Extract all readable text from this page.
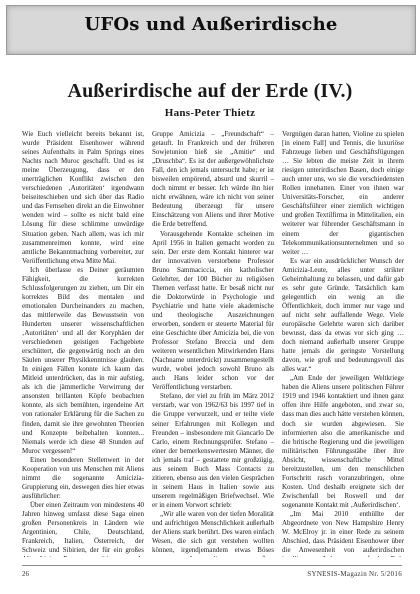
UFOs und Außerirdische
Außerirdische auf der Erde (IV.)
Hans-Peter Thietz

Wie Euch vielleicht bereits bekannt ist, wurde Präsident Eisenhower während seines Aufenthalts in Palm Springs eines Nachts nach Muroc geschafft. Und es ist meine Überzeugung, dass er den unerträglichen Konflikt zwischen den verschiedenen ‚Autoritäten‘ irgendwann beiseiteschieben und sich über das Radio und das Fernsehen direkt an die Einwohner wenden wird – sollte es nicht bald eine Lösung für diese schlimme unwürdige Situation geben. Nach allem, was ich mir zusammenreimen konnte, wird eine amtliche Bekanntmachung vorbereitet, zur Veröffentlichung etwa Mitte Mai.

Ich überlasse es Deiner geräumten Fähigkeit, die korrekten Schlussfolgerungen zu ziehen, um Dir ein korrektes Bild des mentalen und emotionalen Durcheinanders zu machen, das mittlerweile das Bewusstsein von Hunderten unserer wissenschaftlichen ‚Autoritäten‘ und all der Koryphäen der verschiedenen geistigen Fachgebiete erschüttert, die gegenwärtig noch an den Säulen unserer Physikkenntnisse glauben. In einigen Fällen konnte ich kaum das Mitleid unterdrücken, das in mir aufstieg, als ich die jämmerliche Verwirrung der ansonsten brillanten Köpfe beobachten konnte, als sich bemühten, irgendeine Art von rationaler Erklärung für die Sachen zu finden, damit sie ihre gewohnten Theorien und Konzepte beibehalten konnten... Niemals werde ich diese 48 Stunden auf Muroc vergessen!“

Einen besonderen Stellenwert in der Kooperation von uns Menschen mit Aliens nimmt die sogenannte Amicizia-Gruppierung ein, deswegen dies hier etwas ausführlicher:

Über einen Zeitraum von mindestens 40 Jahren hinweg umfasst diese Saga einen großen Personenkreis in Ländern wie Argentinien, Chile, Deutschland, Frankreich, Italien, Österreich, der Schweiz und Sibirien, der für ein großes

Gruppe Amicizia – „Freundschaft“ – getauft. In Frankreich und der früheren Sowjetunion hieß sie „Amitie“ und „Druschba“. Es ist der außergewöhnlichste Fall, den ich jemals untersucht habe; er ist bisweilen empörend, absurd und skurril – doch nimmt er besser. Ich würde ihn hier nicht erwähnen, wäre ich nicht von seiner Bedeutung überzeugt für unsere Einschätzung von Aliens und ihrer Motive die Erde betreffend.

Vorausgehende Kontakte scheinen im April 1956 in Italien gemacht worden zu sein. Der erste dem Kontakt hinterer war der innovativen verstorbene Professor Bruno Sammaciccia, ein katholischer Gelehrter, der 100 Bücher zu religiösen Themen verfasst hatte. Er besaß nicht nur die Doktorwürde in Psychologie und Psychiatrie und hatte viele akademische und theologische Auszeichnungen erworben, sondern er steuerte Material für eine Geschichte über Amicizia bei, die von Professor Stefano Breccia und dem weiteren wesentlichen Mitwirkenden Hans (Nachname unterdrückt) zusammengestellt wurde, wobei jedoch sowohl Bruno als auch Hans leider schon vor der Veröffentlichung verstarben.

Stefano, der viel zu früh im März 2012 verstarb, war von 1962/63 bis 1997 tief in die Gruppe verwurzelt, und er teilte viele seiner Erfahrungen mit Kollegen und Freunden – insbesondere mit Giancarlo De Carlo, einem Rechnungsprüfer. Stefano – einer der bemerkenswertesten Männer, die ich jemals traf – gestattete mir großzügig, aus seinem Buch Mass Contacts zu zitieren, ebenso aus den vielen Gesprächen in seinem Haus in Italien sowie aus unserem regelmäßigen Briefwechsel. Wie er in einem Vorwort schrieb:

„Wir alle waren von der tiefen Moralität und aufrichtigen Menschlichkeit außerhalb der Aliens stark berührt. Des waren einfach Wesen, die sich gut verstehen wollten können, irgendjemandem etwas Böses

Vergnügen daran hatten, Violine zu spielen [in einem Fall] und Tennis, die luxuriöse Fahrzeuge lieben und Geschäftsfügungen … Sie lebten die meiste Zeit in ihrem riesigen unterirdischen Basen, doch einige auch unter uns, wo sie die verschiedensten Rollen innehatten. Einer von ihnen war Universitäts-Forscher, ein anderer Geschäftsführer einer ziemlich wichtigen und großen Textilfirma in Mittelitalien, ein weiterer war führender Geschäftsmann in einem der gigantischen Telekommunikationsunternehmen und so weiter …

Es war ein ausdrücklicher Wunsch der Amicizia-Leute, alles unter strikter Geheimhaltung zu belassen, und dafür gab es sehr gute Gründe. Tatsächlich kam gelegentlich ein wenig an die Öffentlichkeit, doch immer nur vage und auf nicht sehr auffallende Wege. Viele europäische Gelehrte waren sich darüber bewusst, dass da etwas vor sich ging … doch niemand außerhalb unserer Gruppe hatte jemals die geringste Vorstellung davon, wie groß und bedeutungsvoll das alles war.“

„Am Ende der jeweiligen Weltkriege haben die Aliens unsere politischen Führer 1919 und 1946 kontaktiert und ihnen ganz offen ihre Hilfe angeboten, und zwar so, dass man dies auch hätte verstehen können, doch sie wurden abgewiesen. Sie informierten also die amerikanische und die britische Regierung und die jeweiligen militärischen Führungsstäbe über ihre Absicht, wissenschaftliche Mittel bereitzustellen, um den menschlichen Fortschritt rasch voranzubringen, ohne Kosten. Und deshalb ereignete sich der Zwischenfall bei Roswell und der sogenannte Kontakt mit ‚Außerirdischen‘.

„Im Mai 2010 enthüllte der Abgeordnete von New Hampshire Henry W. McElroy jr. in einer Rede zu seinem Abschied, dass Präsident Eisenhower über die Anwesenheit von außerirdischen

26	SYNESIS-Magazin Nr. 5/2016
